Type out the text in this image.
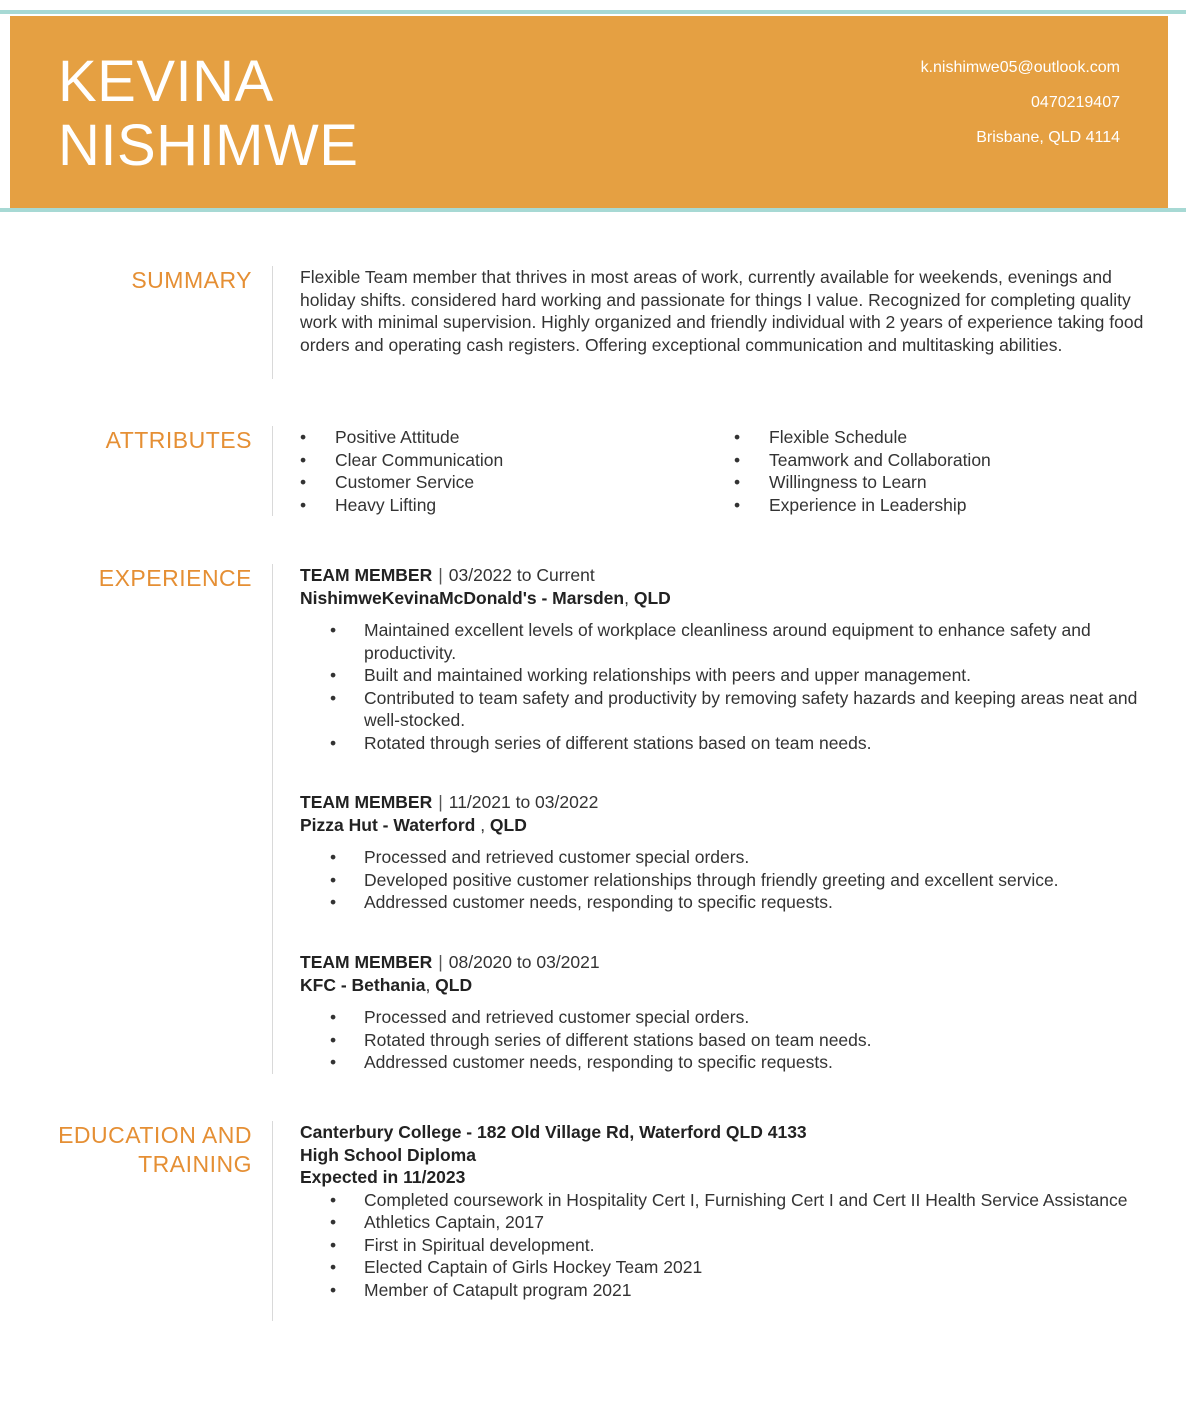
KEVINA
NISHIMWE
k.nishimwe05@outlook.com
0470219407
Brisbane, QLD 4114
SUMMARY	Flexible Team member that thrives in most areas of work, currently available for weekends, evenings and holiday shifts. considered hard working and passionate for things I value. Recognized for completing quality work with minimal supervision. Highly organized and friendly individual with 2 years of experience taking food orders and operating cash registers. Offering exceptional communication and multitasking abilities.
ATTRIBUTES
•	Positive Attitude
• Clear Communication
• Customer Service
• Heavy Lifting
• Flexible Schedule
• Teamwork and Collaboration
• Willingness to Learn
• Experience in Leadership
EXPERIENCE	TEAM MEMBER | 03/2022 to Current
NishimweKevinaMcDonald's - Marsden, QLD
• Maintained excellent levels of workplace cleanliness around equipment to enhance safety and productivity.
• Built and maintained working relationships with peers and upper management.
• Contributed to team safety and productivity by removing safety hazards and keeping areas neat and well-stocked.
• Rotated through series of different stations based on team needs.
TEAM MEMBER | 11/2021 to 03/2022
Pizza Hut - Waterford , QLD
• Processed and retrieved customer special orders.
• Developed positive customer relationships through friendly greeting and excellent service.
• Addressed customer needs, responding to specific requests.
TEAM MEMBER | 08/2020 to 03/2021
KFC - Bethania, QLD
• Processed and retrieved customer special orders.
• Rotated through series of different stations based on team needs.
• Addressed customer needs, responding to specific requests.
EDUCATION AND
TRAINING
Canterbury College - 182 Old Village Rd, Waterford QLD 4133
High School Diploma
Expected in 11/2023
• Completed coursework in Hospitality Cert I, Furnishing Cert I and Cert II Health Service Assistance
• Athletics Captain, 2017
• First in Spiritual development.
• Elected Captain of Girls Hockey Team 2021
• Member of Catapult program 2021
